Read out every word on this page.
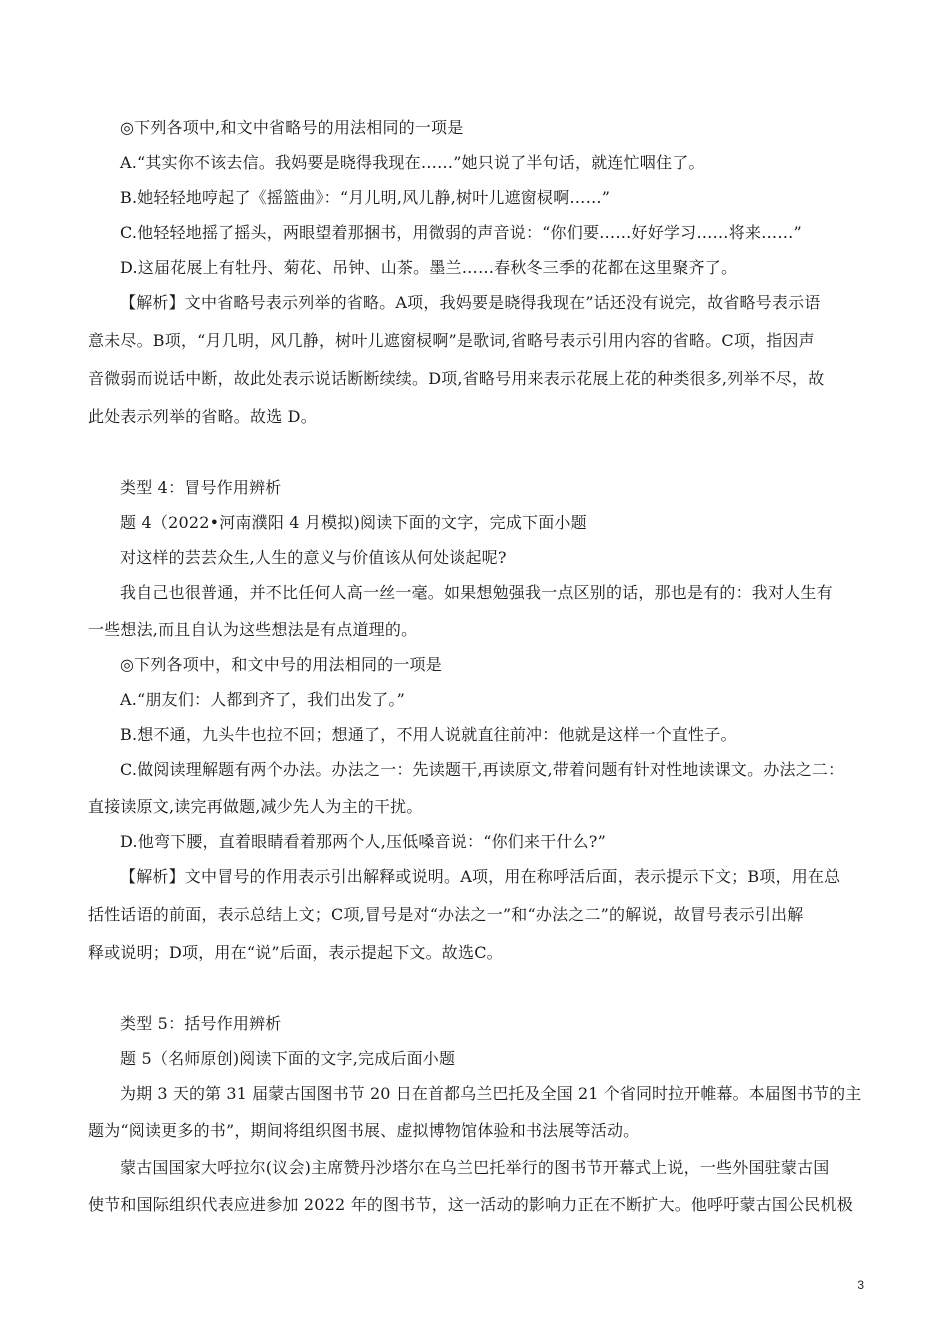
◎下列各项中,和文中省略号的用法相同的一项是
A.“其实你不该去信。我妈要是晓得我现在……”她只说了半句话，就连忙咽住了。
B.她轻轻地哼起了《摇篮曲》：“月儿明,风儿静,树叶儿遮窗棂啊……”
C.他轻轻地摇了摇头，两眼望着那捆书，用微弱的声音说：“你们要……好好学习……将来……”
D.这届花展上有牡丹、菊花、吊钟、山茶。墨兰……春秋冬三季的花都在这里聚齐了。
【解析】文中省略号表示列举的省略。A项，我妈要是晓得我现在”话还没有说完，故省略号表示语
意未尽。B项，“月几明，风几静，树叶儿遮窗棂啊”是歌词,省略号表示引用内容的省略。C项，指因声
音微弱而说话中断，故此处表示说话断断续续。D项,省略号用来表示花展上花的种类很多,列举不尽，故
此处表示列举的省略。故选 D。
类型 4：冒号作用辨析
题 4（2022•河南濮阳 4 月模拟)阅读下面的文字，完成下面小题
对这样的芸芸众生,人生的意义与价值该从何处谈起呢?
我自己也很普通，并不比任何人高一丝一毫。如果想勉强我一点区别的话，那也是有的：我对人生有
一些想法,而且自认为这些想法是有点道理的。
◎下列各项中，和文中号的用法相同的一项是
A.“朋友们：人都到齐了，我们出发了。”
B.想不通，九头牛也拉不回；想通了，不用人说就直往前冲：他就是这样一个直性子。
C.做阅读理解题有两个办法。办法之一：先读题干,再读原文,带着问题有针对性地读课文。办法之二：
直接读原文,读完再做题,减少先人为主的干扰。
D.他弯下腰，直着眼睛看着那两个人,压低嗓音说：“你们来干什么?”
【解析】文中冒号的作用表示引出解释或说明。A项，用在称呼活后面，表示提示下文；B项，用在总
括性话语的前面，表示总结上文；C项,冒号是对“办法之一”和“办法之二”的解说，故冒号表示引出解
释或说明；D项，用在“说”后面，表示提起下文。故选C。
类型 5：括号作用辨析
题 5（名师原创)阅读下面的文字,完成后面小题
为期 3 天的第 31 届蒙古国图书节 20 日在首都乌兰巴托及全国 21 个省同时拉开帷幕。本届图书节的主
题为“阅读更多的书”，期间将组织图书展、虚拟博物馆体验和书法展等活动。
蒙古国国家大呼拉尔(议会)主席赞丹沙塔尔在乌兰巴托举行的图书节开幕式上说，一些外国驻蒙古国
使节和国际组织代表应进参加 2022 年的图书节，这一活动的影响力正在不断扩大。他呼吁蒙古国公民机极
3
